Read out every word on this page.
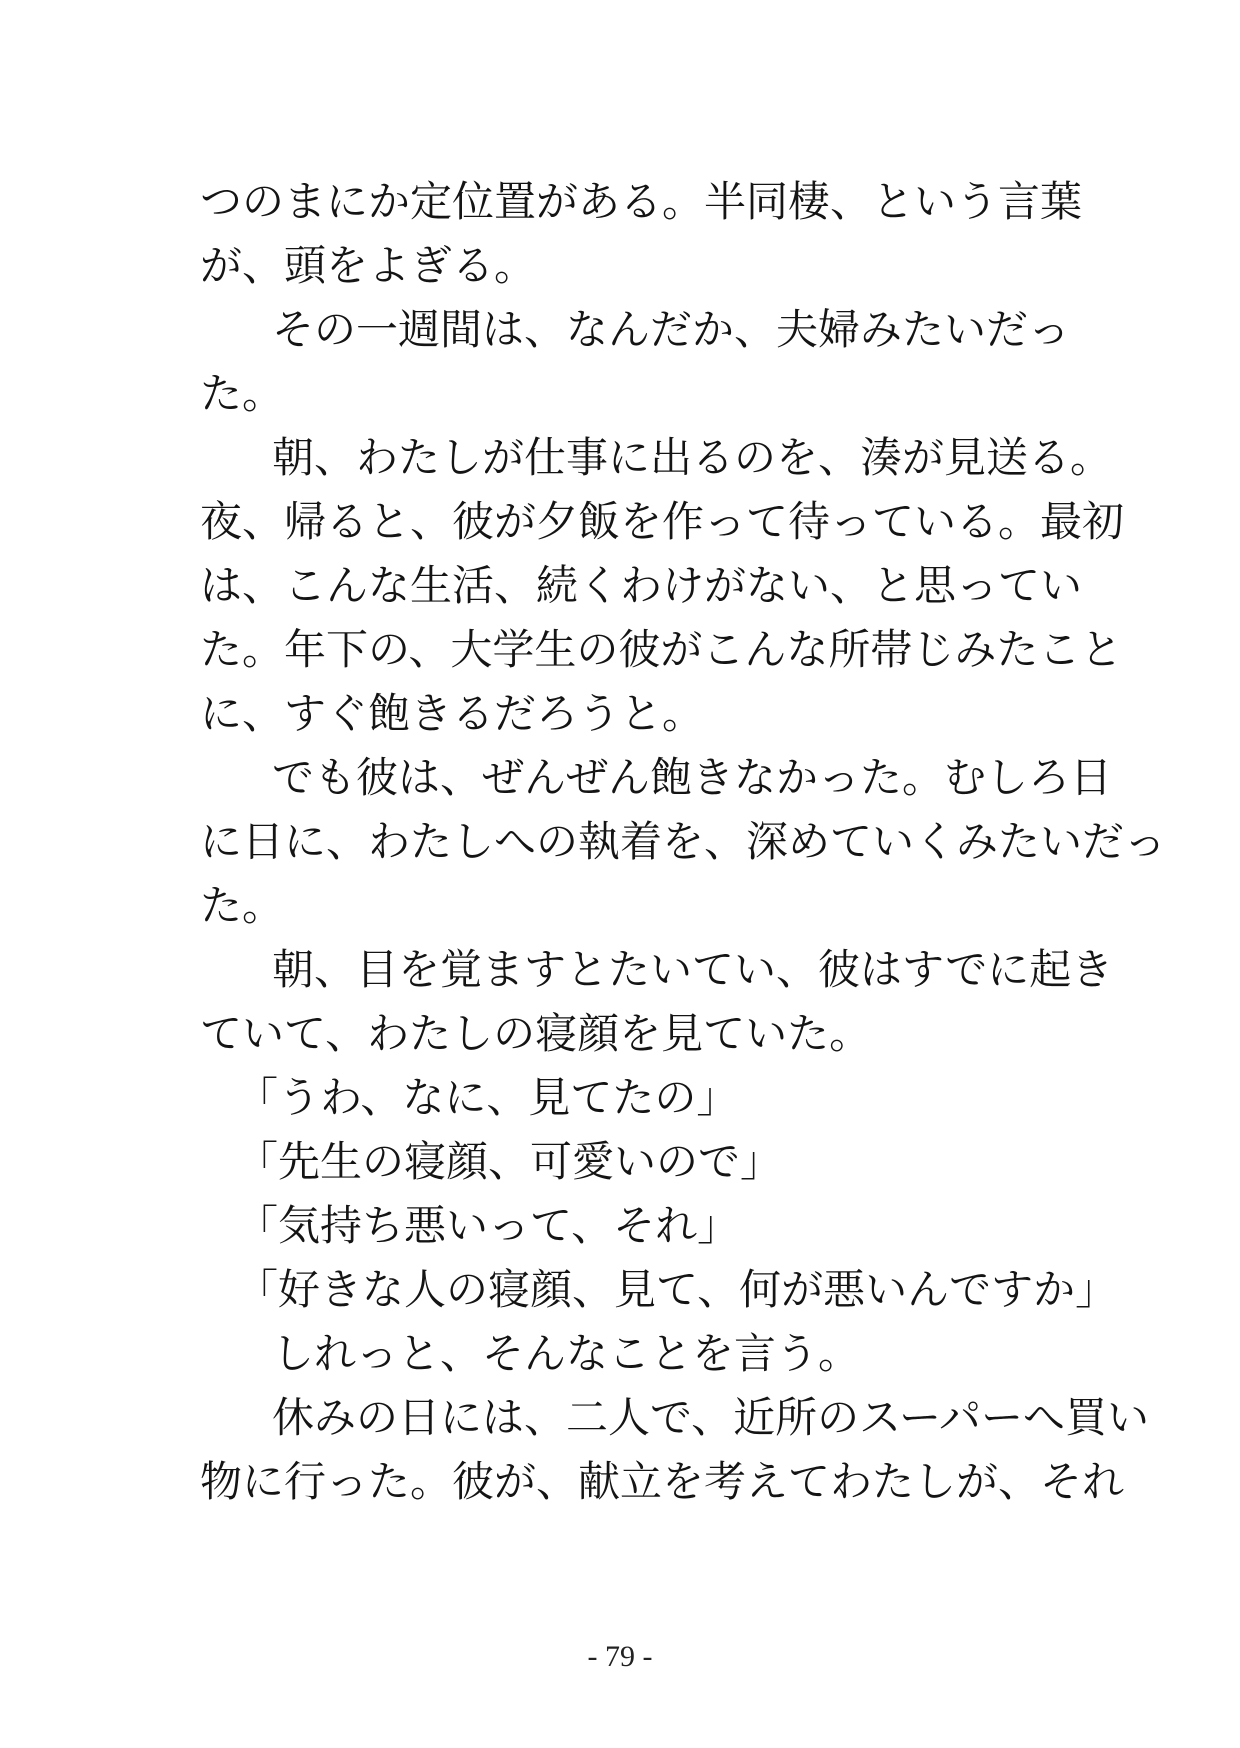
つのまにか定位置がある。半同棲、という言葉
が、頭をよぎる。
その一週間は、なんだか、夫婦みたいだっ
た。
朝、わたしが仕事に出るのを、湊が見送る。
夜、帰ると、彼が夕飯を作って待っている。最初
は、こんな生活、続くわけがない、と思ってい
た。年下の、大学生の彼がこんな所帯じみたこと
に、すぐ飽きるだろうと。
でも彼は、ぜんぜん飽きなかった。むしろ日
に日に、わたしへの執着を、深めていくみたいだっ
た。
朝、目を覚ますとたいてい、彼はすでに起き
ていて、わたしの寝顔を見ていた。
「うわ、なに、見てたの」
「先生の寝顔、可愛いので」
「気持ち悪いって、それ」
「好きな人の寝顔、見て、何が悪いんですか」
しれっと、そんなことを言う。
休みの日には、二人で、近所のスーパーへ買い
物に行った。彼が、献立を考えてわたしが、それ
- 79 -
